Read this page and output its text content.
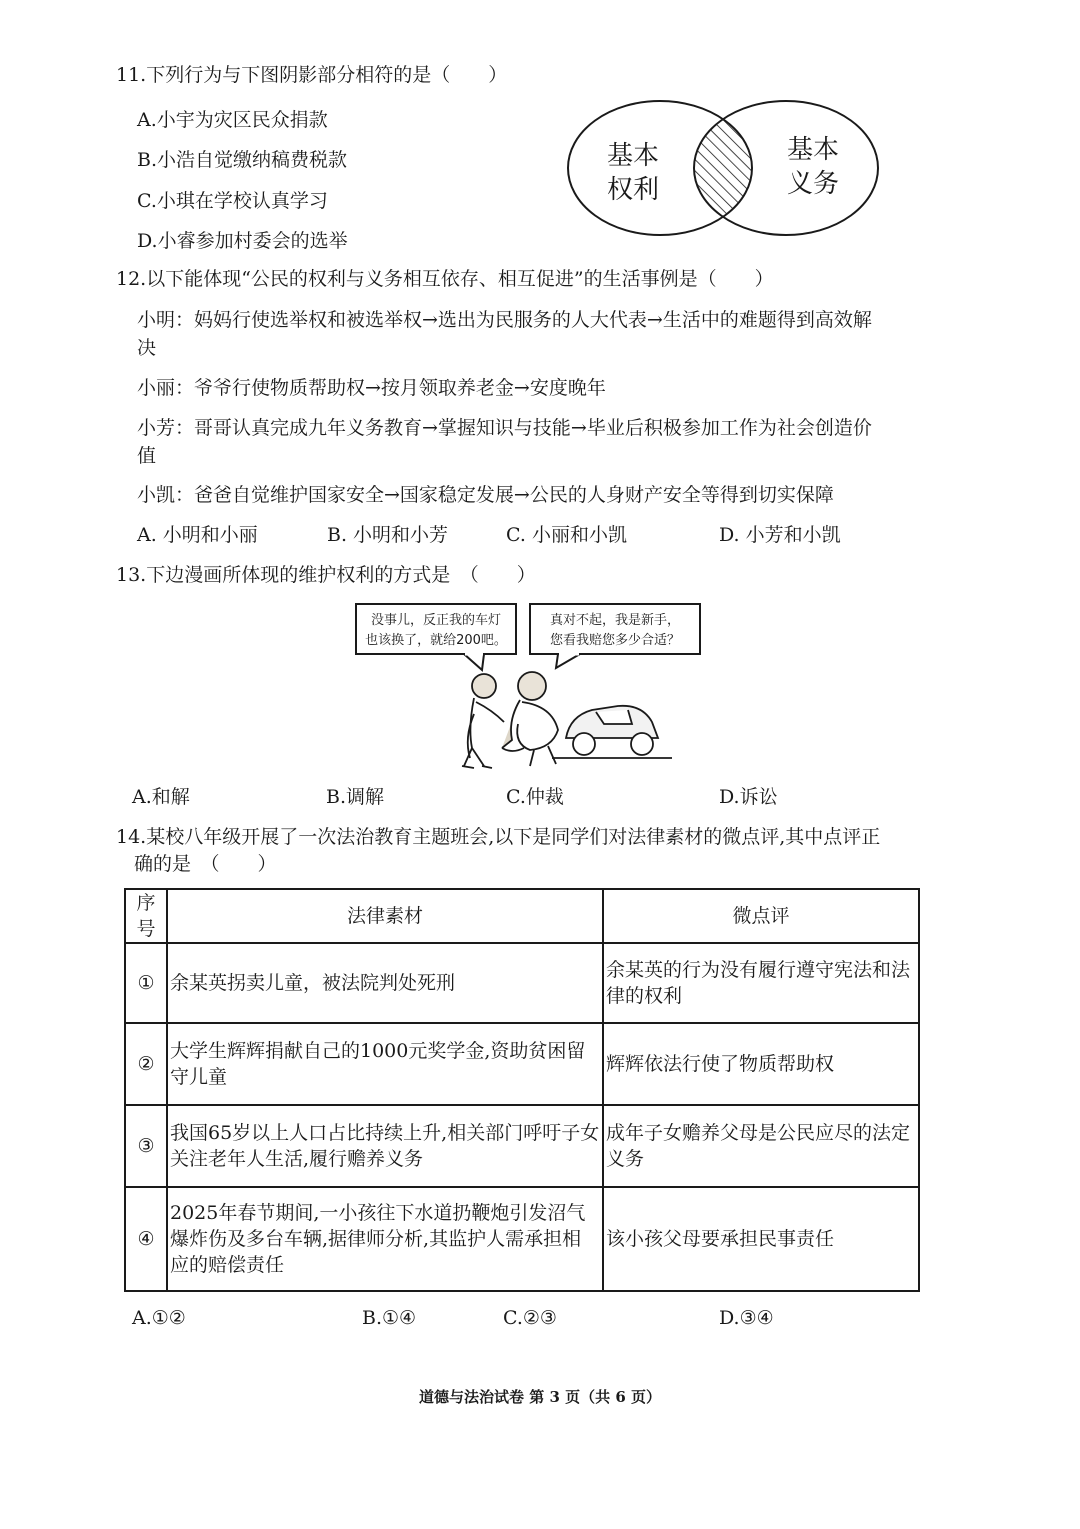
11.下列行为与下图阴影部分相符的是（　　）
A.小宇为灾区民众捐款
B.小浩自觉缴纳稿费税款
C.小琪在学校认真学习
D.小睿参加村委会的选举
基本
权利
基本
义务
12.以下能体现“公民的权利与义务相互依存、相互促进”的生活事例是（　　）
小明：妈妈行使选举权和被选举权→选出为民服务的人大代表→生活中的难题得到高效解
决
小丽：爷爷行使物质帮助权→按月领取养老金→安度晚年
小芳：哥哥认真完成九年义务教育→掌握知识与技能→毕业后积极参加工作为社会创造价
值
小凯：爸爸自觉维护国家安全→国家稳定发展→公民的人身财产安全等得到切实保障
A. 小明和小丽	B. 小明和小芳	C. 小丽和小凯	D. 小芳和小凯
13.下边漫画所体现的维护权利的方式是　（　　）
没事儿，反正我的车灯
也该换了，就给200吧。
真对不起，我是新手，
您看我赔您多少合适？
A.和解	B.调解	C.仲裁	D.诉讼
14.某校八年级开展了一次法治教育主题班会,以下是同学们对法律素材的微点评,其中点评正
确的是　（　　）
序号	法律素材	微点评
①	余某英拐卖儿童，被法院判处死刑	余某英的行为没有履行遵守宪法和法律的权利
②	大学生辉辉捐献自己的1000元奖学金,资助贫困留守儿童	辉辉依法行使了物质帮助权
③	我国65岁以上人口占比持续上升,相关部门呼吁子女关注老年人生活,履行赡养义务	成年子女赡养父母是公民应尽的法定义务
④	2025年春节期间,一小孩往下水道扔鞭炮引发沼气爆炸伤及多台车辆,据律师分析,其监护人需承担相应的赔偿责任	该小孩父母要承担民事责任
A.①②	B.①④	C.②③	D.③④
道德与法治试卷 第 3 页（共 6 页）
